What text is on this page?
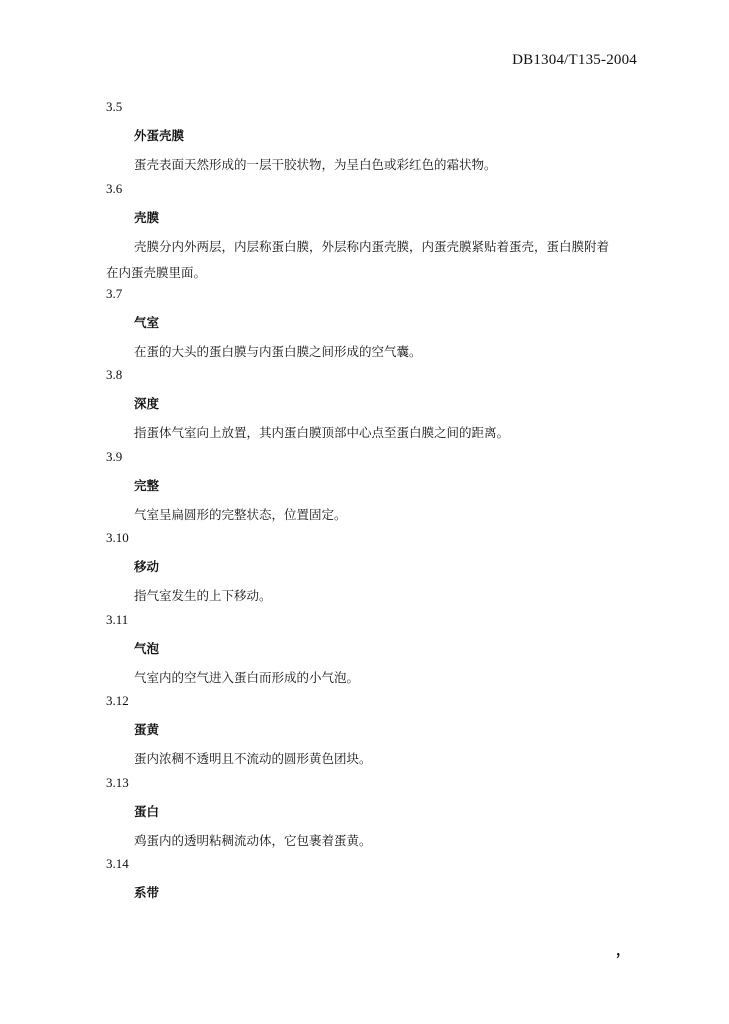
DB1304/T135-2004
3.5
外蛋壳膜
蛋壳表面天然形成的一层干胶状物，为呈白色或彩红色的霜状物。
3.6
壳膜
壳膜分内外两层，内层称蛋白膜，外层称内蛋壳膜，内蛋壳膜紧贴着蛋壳，蛋白膜附着
在内蛋壳膜里面。
3.7
气室
在蛋的大头的蛋白膜与内蛋白膜之间形成的空气囊。
3.8
深度
指蛋体气室向上放置，其内蛋白膜顶部中心点至蛋白膜之间的距离。
3.9
完整
气室呈扁圆形的完整状态，位置固定。
3.10
移动
指气室发生的上下移动。
3.11
气泡
气室内的空气进入蛋白而形成的小气泡。
3.12
蛋黄
蛋内浓稠不透明且不流动的圆形黄色团块。
3.13
蛋白
鸡蛋内的透明粘稠流动体，它包裹着蛋黄。
3.14
系带
，
